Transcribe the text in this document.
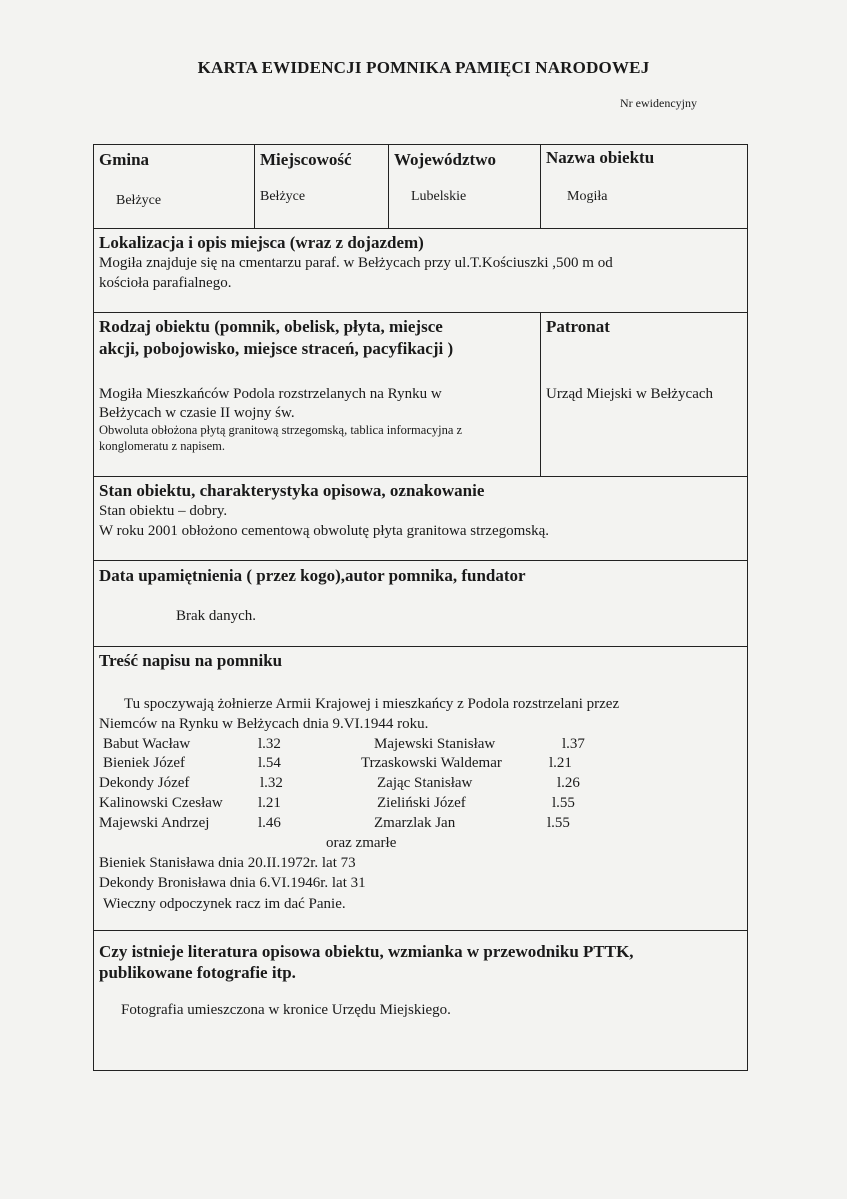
KARTA EWIDENCJI POMNIKA PAMIĘCI NARODOWEJ
Nr ewidencyjny
Gmina
Bełżyce
Miejscowość
Bełżyce
Województwo
Lubelskie
Nazwa obiektu
Mogiła
Lokalizacja i opis miejsca (wraz z dojazdem)
Mogiła znajduje się na cmentarzu paraf. w Bełżycach przy ul.T.Kościuszki ,500 m od
kościoła parafialnego.
Rodzaj obiektu (pomnik, obelisk, płyta, miejsce
akcji, pobojowisko, miejsce straceń, pacyfikacji )
Mogiła Mieszkańców Podola rozstrzelanych na Rynku w
Bełżycach w czasie II wojny św.
Obwoluta obłożona płytą granitową strzegomską, tablica informacyjna z
konglomeratu z napisem.
Patronat
Urząd Miejski w Bełżycach
Stan obiektu, charakterystyka opisowa, oznakowanie
Stan obiektu – dobry.
W roku 2001 obłożono cementową obwolutę płyta granitowa strzegomską.
Data upamiętnienia ( przez kogo),autor pomnika, fundator
Brak danych.
Treść napisu na pomniku
Tu spoczywają żołnierze Armii Krajowej i mieszkańcy z Podola rozstrzelani przez
Niemców na Rynku w Bełżycach dnia 9.VI.1944 roku.
Babut Wacław	l.32	Majewski Stanisław	l.37
Bieniek Józef	l.54	Trzaskowski Waldemar	l.21
Dekondy Józef	l.32	Zając Stanisław	l.26
Kalinowski Czesław l.21	Zieliński Józef	l.55
Majewski Andrzej	l.46	Zmarzlak Jan	l.55
oraz zmarłe
Bieniek Stanisława dnia 20.II.1972r. lat 73
Dekondy Bronisława dnia 6.VI.1946r. lat 31
Wieczny odpoczynek racz im dać Panie.
Czy istnieje literatura opisowa obiektu, wzmianka w przewodniku PTTK,
publikowane fotografie itp.
Fotografia umieszczona w kronice Urzędu Miejskiego.
